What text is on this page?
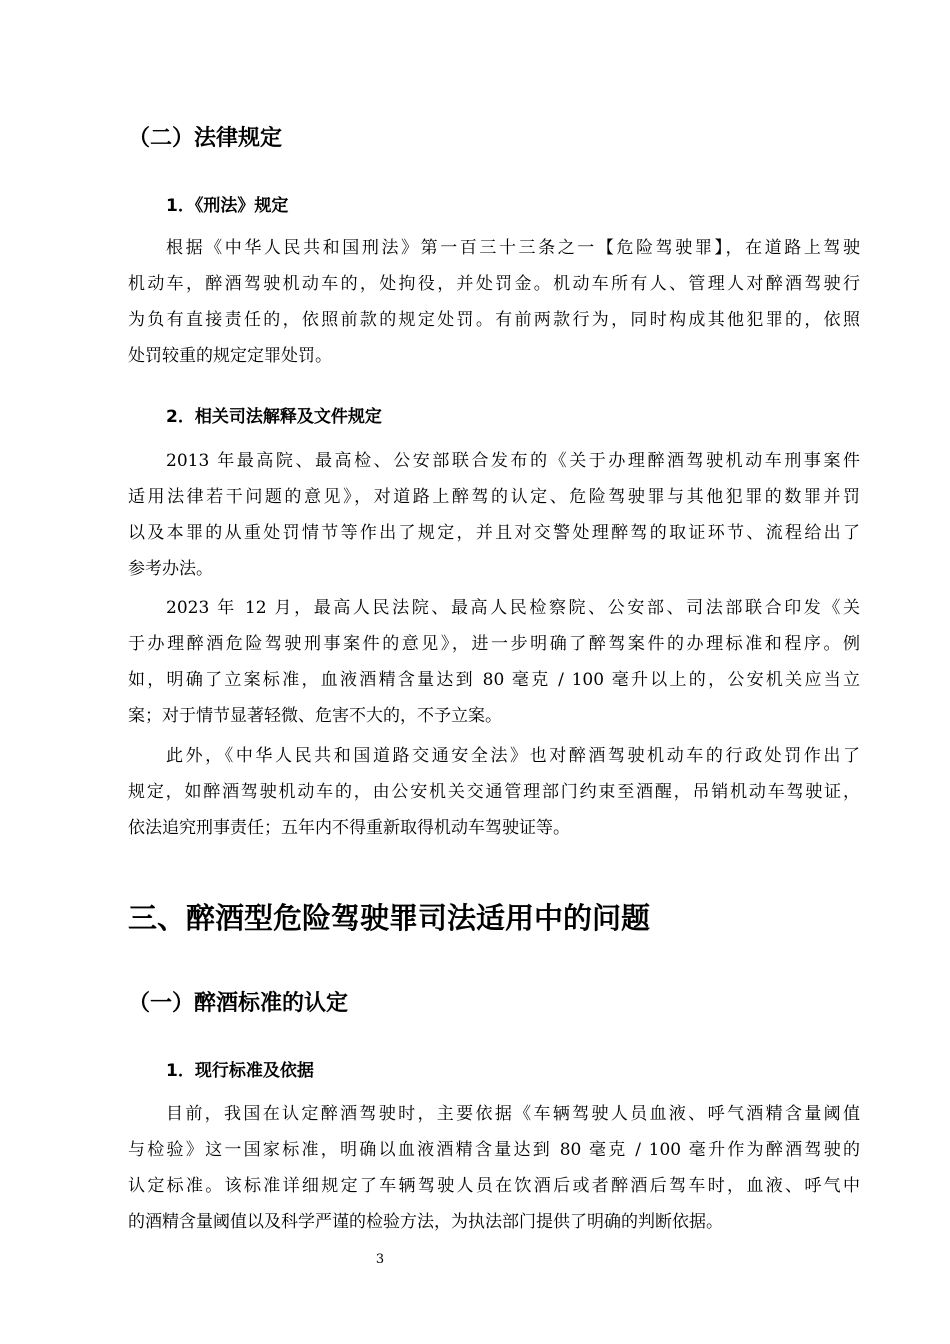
（二）法律规定
1．《刑法》规定
根据《中华人民共和国刑法》第一百三十三条之一【危险驾驶罪】，在道路上驾驶
机动车，醉酒驾驶机动车的，处拘役，并处罚金。机动车所有人、管理人对醉酒驾驶行
为负有直接责任的，依照前款的规定处罚。有前两款行为，同时构成其他犯罪的，依照
处罚较重的规定定罪处罚。
2．相关司法解释及文件规定
2013 年最高院、最高检、公安部联合发布的《关于办理醉酒驾驶机动车刑事案件
适用法律若干问题的意见》，对道路上醉驾的认定、危险驾驶罪与其他犯罪的数罪并罚
以及本罪的从重处罚情节等作出了规定，并且对交警处理醉驾的取证环节、流程给出了
参考办法。
2023 年 12 月，最高人民法院、最高人民检察院、公安部、司法部联合印发《关
于办理醉酒危险驾驶刑事案件的意见》，进一步明确了醉驾案件的办理标准和程序。例
如，明确了立案标准，血液酒精含量达到 80 毫克 / 100 毫升以上的，公安机关应当立
案；对于情节显著轻微、危害不大的，不予立案。
此外，《中华人民共和国道路交通安全法》也对醉酒驾驶机动车的行政处罚作出了
规定，如醉酒驾驶机动车的，由公安机关交通管理部门约束至酒醒，吊销机动车驾驶证，
依法追究刑事责任；五年内不得重新取得机动车驾驶证等。
三、醉酒型危险驾驶罪司法适用中的问题
（一）醉酒标准的认定
1．现行标准及依据
目前，我国在认定醉酒驾驶时，主要依据《车辆驾驶人员血液、呼气酒精含量阈值
与检验》这一国家标准，明确以血液酒精含量达到 80 毫克 / 100 毫升作为醉酒驾驶的
认定标准。该标准详细规定了车辆驾驶人员在饮酒后或者醉酒后驾车时，血液、呼气中
的酒精含量阈值以及科学严谨的检验方法，为执法部门提供了明确的判断依据。
3
